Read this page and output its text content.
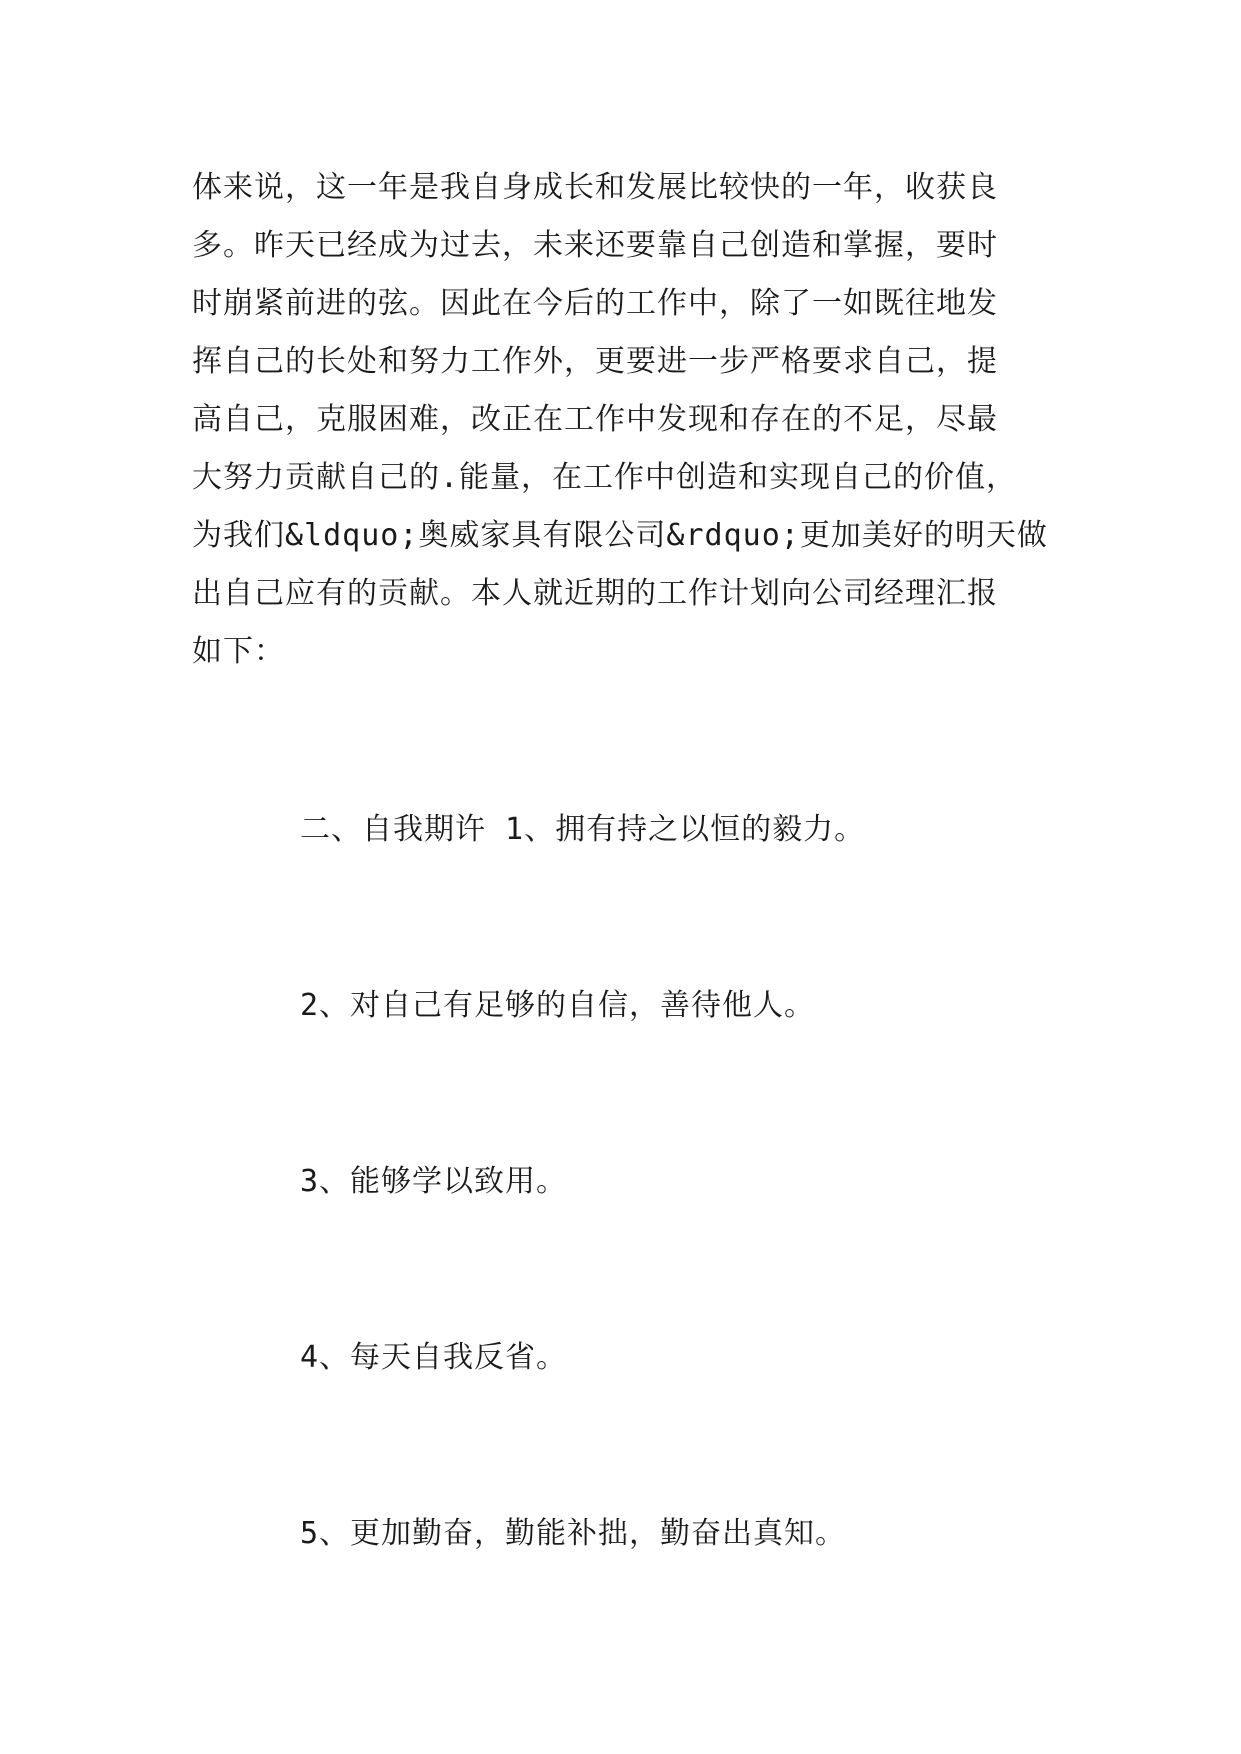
体来说，这一年是我自身成长和发展比较快的一年，收获良
多。昨天已经成为过去，未来还要靠自己创造和掌握，要时
时崩紧前进的弦。因此在今后的工作中，除了一如既往地发
挥自己的长处和努力工作外，更要进一步严格要求自己，提
高自己，克服困难，改正在工作中发现和存在的不足，尽最
大努力贡献自己的.能量，在工作中创造和实现自己的价值，
为我们&ldquo;奥威家具有限公司&rdquo;更加美好的明天做
出自己应有的贡献。本人就近期的工作计划向公司经理汇报
如下：
二、自我期许 1、拥有持之以恒的毅力。
2、对自己有足够的自信，善待他人。
3、能够学以致用。
4、每天自我反省。
5、更加勤奋，勤能补拙，勤奋出真知。
